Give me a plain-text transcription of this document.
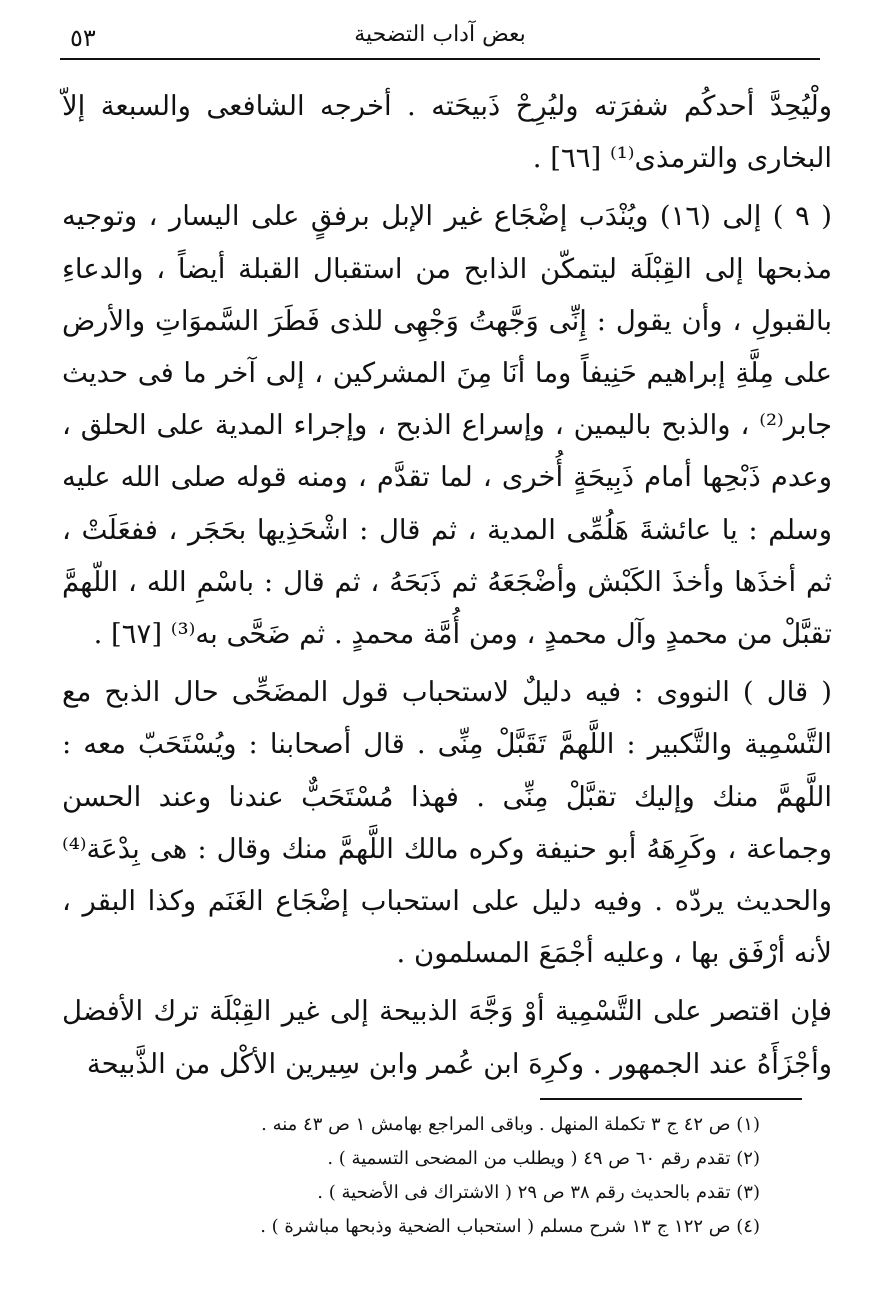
٥٣	بعض آداب التضحية

ولْيُحِدَّ أحدكُم شفرَته وليُرِحْ ذَبيحَته . أخرجه الشافعى والسبعة إلاّ البخارى والترمذى⁽¹⁾ [٦٦] .

( ٩ ) إلى (١٦) ويُنْدَب إضْجَاع غير الإبل برفقٍ على اليسار ، وتوجيه مذبحها إلى القِبْلَة ليتمكّن الذابح من استقبال القبلة أيضاً ، والدعاءِ بالقبولِ ، وأن يقول : إِنِّى وَجَّهتُ وَجْهِى للذى فَطَرَ السَّموَاتِ والأرض على مِلَّةِ إبراهيم حَنِيفاً وما أنَا مِنَ المشركين ، إلى آخر ما فى حديث جابر⁽²⁾ ، والذبح باليمين ، وإسراع الذبح ، وإجراء المدية على الحلق ، وعدم ذَبْحِها أمام ذَبِيحَةٍ أُخرى ، لما تقدَّم ، ومنه قوله صلى الله عليه وسلم : يا عائشةَ هَلُمِّى المدية ، ثم قال : اشْحَذِيها بحَجَر ، ففعَلَتْ ، ثم أخذَها وأخذَ الكَبْش وأضْجَعَهُ ثم ذَبَحَهُ ، ثم قال : باسْمِ الله ، اللّهمَّ تقبَّلْ من محمدٍ وآل محمدٍ ، ومن أُمَّة محمدٍ . ثم ضَحَّى به⁽³⁾ [٦٧] .

( قال ) النووى : فيه دليلٌ لاستحباب قول المضَحِّى حال الذبح مع التَّسْمِية والتَّكبير : اللَّهمَّ تَقَبَّلْ مِنِّى . قال أصحابنا : ويُسْتَحَبّ معه : اللَّهمَّ منك وإليك تقبَّلْ مِنِّى . فهذا مُسْتَحَبٌّ عندنا وعند الحسن وجماعة ، وكَرِهَهُ أبو حنيفة وكره مالك اللَّهمَّ منك وقال : هى بِدْعَة⁽⁴⁾ والحديث يردّه . وفيه دليل على استحباب إضْجَاع الغَنَم وكذا البقر ، لأنه أرْفَق بها ، وعليه أجْمَعَ المسلمون .

فإن اقتصر على التَّسْمِية أوْ وَجَّهَ الذبيحة إلى غير القِبْلَة ترك الأفضل وأجْزَأَهُ عند الجمهور . وكرِهَ ابن عُمر وابن سِيرين الأكْل من الذَّبيحة

(١) ص ٤٢ ج ٣ تكملة المنهل . وباقى المراجع بهامش ١ ص ٤٣ منه .
(٢) تقدم رقم ٦٠ ص ٤٩ ( ويطلب من المضحى التسمية ) .
(٣) تقدم بالحديث رقم ٣٨ ص ٢٩ ( الاشتراك فى الأضحية ) .
(٤) ص ١٢٢ ج ١٣ شرح مسلم ( استحباب الضحية وذبحها مباشرة ) .
